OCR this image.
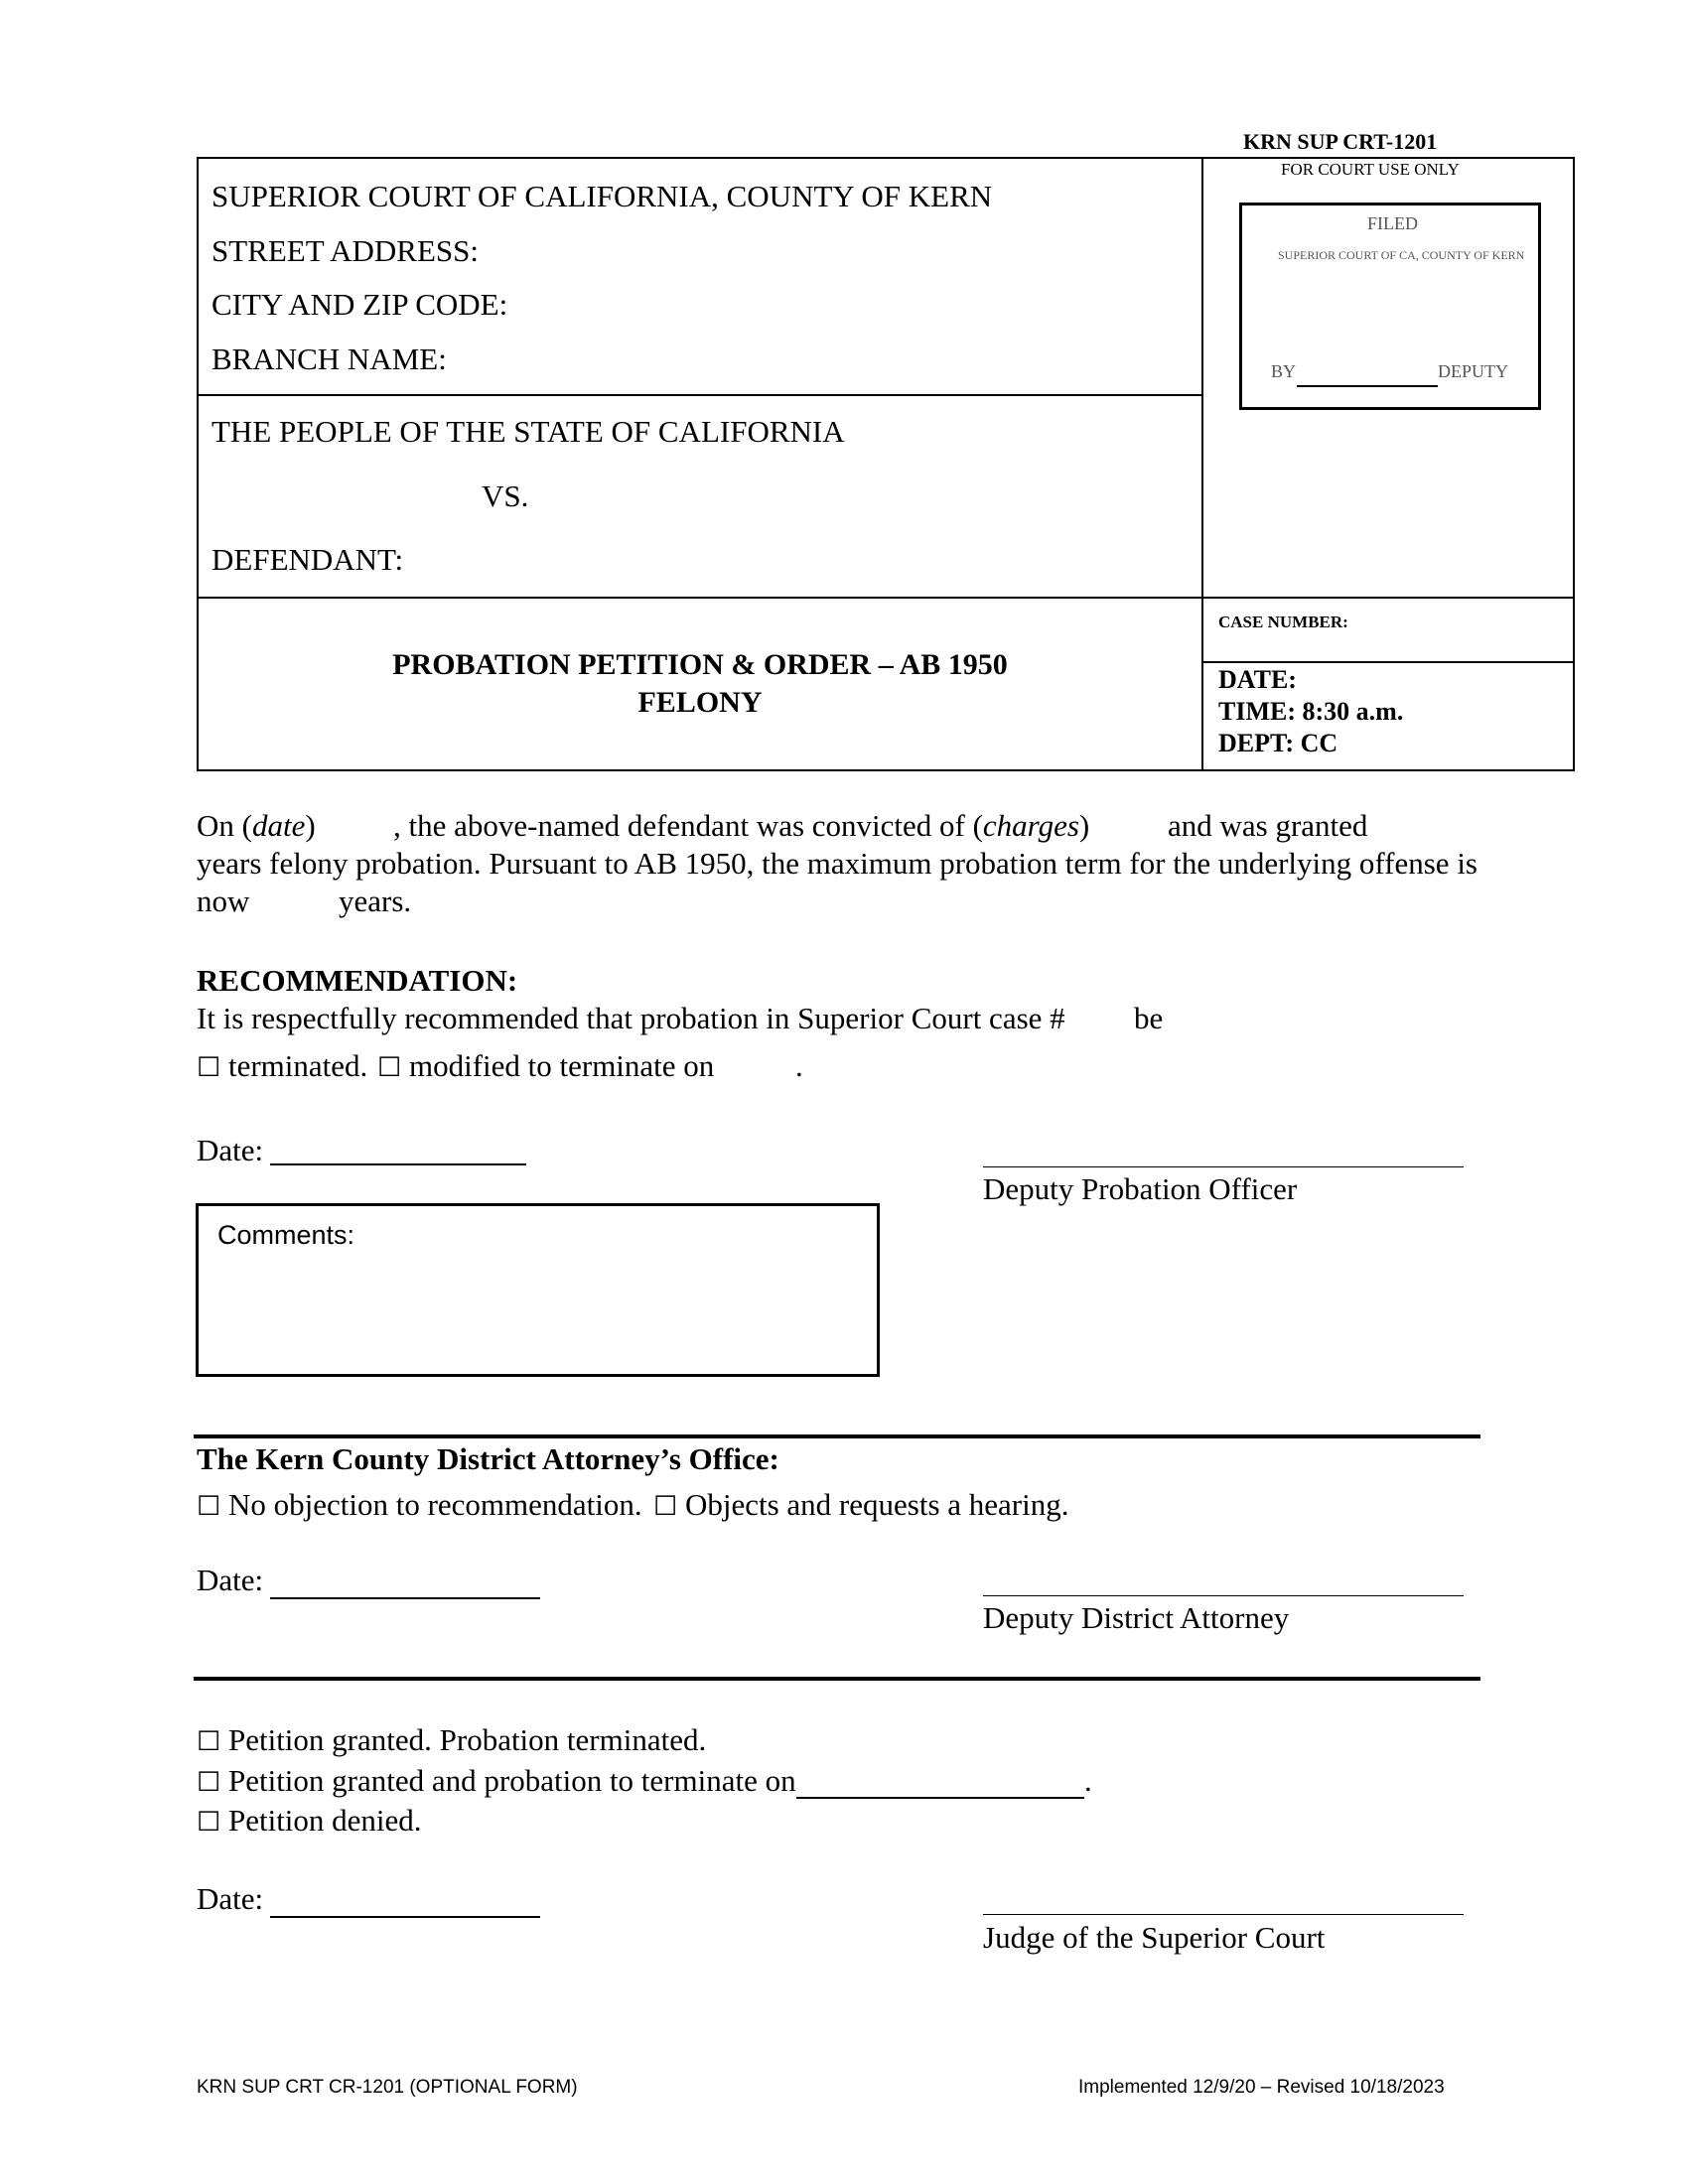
KRN SUP CRT-1201
SUPERIOR COURT OF CALIFORNIA, COUNTY OF KERN
STREET ADDRESS:
CITY AND ZIP CODE:
BRANCH NAME:
THE PEOPLE OF THE STATE OF CALIFORNIA
VS.
DEFENDANT:
FOR COURT USE ONLY
FILED
SUPERIOR COURT OF CA, COUNTY OF KERN
BY	DEPUTY
PROBATION PETITION & ORDER – AB 1950
FELONY
CASE NUMBER:
DATE:
TIME: 8:30 a.m.
DEPT: CC
On (date)	, the above-named defendant was convicted of (charges)	and was granted
years felony probation. Pursuant to AB 1950, the maximum probation term for the underlying offense is
now	years.
RECOMMENDATION:
It is respectfully recommended that probation in Superior Court case # be
☐ terminated. ☐ modified to terminate on	.
Date:
Deputy Probation Officer
Comments:
The Kern County District Attorney’s Office:
☐ No objection to recommendation. ☐ Objects and requests a hearing.
Date:
Deputy District Attorney
☐ Petition granted. Probation terminated.
☐ Petition granted and probation to terminate on	.
☐ Petition denied.
Date:
Judge of the Superior Court
KRN SUP CRT CR-1201 (OPTIONAL FORM)	Implemented 12/9/20 – Revised 10/18/2023
